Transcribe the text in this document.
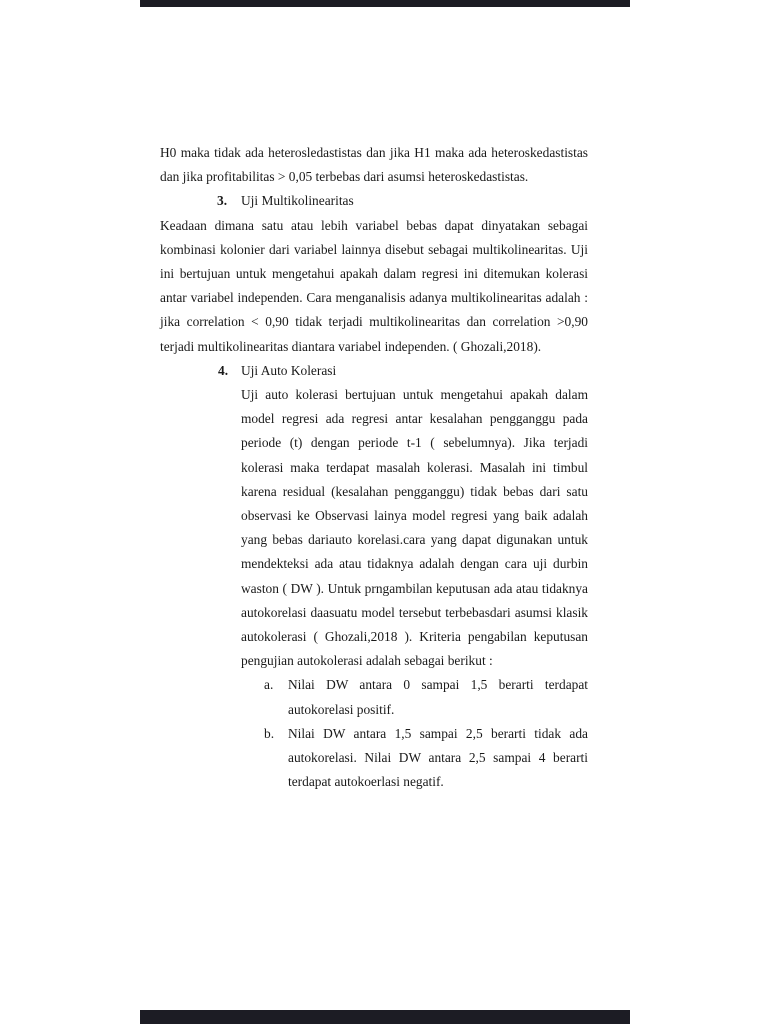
H0 maka tidak ada heterosledastistas dan jika H1 maka ada heteroskedastistas dan jika profitabilitas > 0,05 terbebas dari asumsi heteroskedastistas.

3. Uji Multikolinearitas

Keadaan dimana satu atau lebih variabel bebas dapat dinyatakan sebagai kombinasi kolonier dari variabel lainnya disebut sebagai multikolinearitas. Uji ini bertujuan untuk mengetahui apakah dalam regresi ini ditemukan kolerasi antar variabel independen. Cara menganalisis adanya multikolinearitas adalah : jika correlation < 0,90 tidak terjadi multikolinearitas dan correlation >0,90 terjadi multikolinearitas diantara variabel independen. ( Ghozali,2018).

4. Uji Auto Kolerasi

Uji auto kolerasi bertujuan untuk mengetahui apakah dalam model regresi ada regresi antar kesalahan pengganggu pada periode (t) dengan periode t-1 ( sebelumnya). Jika terjadi kolerasi maka terdapat masalah kolerasi. Masalah ini timbul karena residual (kesalahan pengganggu) tidak bebas dari satu observasi ke Observasi lainya model regresi yang baik adalah yang bebas dariauto korelasi.cara yang dapat digunakan untuk mendekteksi ada atau tidaknya adalah dengan cara uji durbin waston ( DW ). Untuk prngambilan keputusan ada atau tidaknya autokorelasi daasuatu model tersebut terbebasdari asumsi klasik autokolerasi ( Ghozali,2018 ). Kriteria pengabilan keputusan pengujian autokolerasi adalah sebagai berikut :

a.	Nilai DW antara 0 sampai 1,5 berarti terdapat autokorelasi positif.
b.	Nilai DW antara 1,5 sampai 2,5 berarti tidak ada autokorelasi. Nilai DW antara 2,5 sampai 4 berarti terdapat autokoerlasi negatif.
